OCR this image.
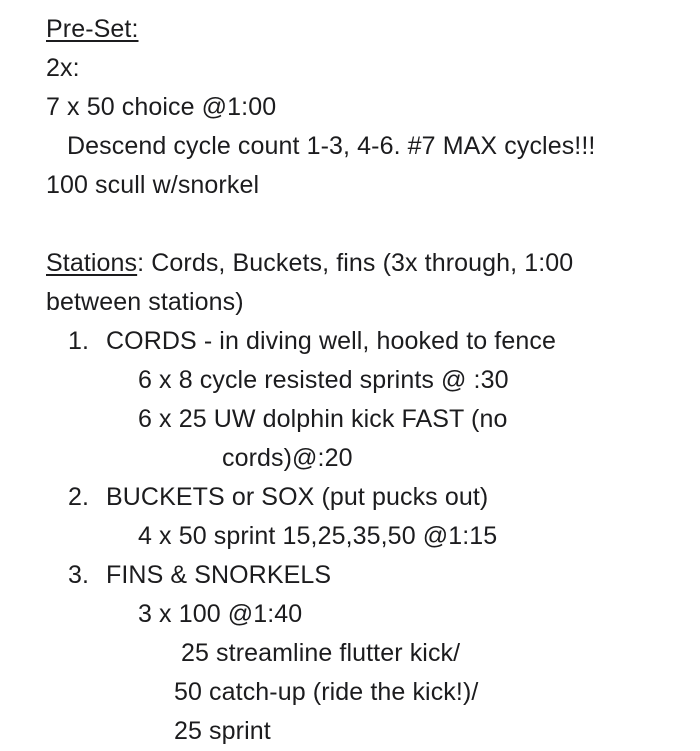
Pre-Set:
2x:
7 x 50 choice @1:00
Descend cycle count 1-3, 4-6. #7 MAX cycles!!!
100 scull w/snorkel
Stations: Cords, Buckets, fins (3x through, 1:00
between stations)
1. CORDS - in diving well, hooked to fence
6 x 8 cycle resisted sprints @ :30
6 x 25 UW dolphin kick FAST (no
cords)@:20
2. BUCKETS or SOX (put pucks out)
4 x 50 sprint 15,25,35,50 @1:15
3. FINS & SNORKELS
3 x 100 @1:40
25 streamline flutter kick/
50 catch-up (ride the kick!)/
25 sprint
